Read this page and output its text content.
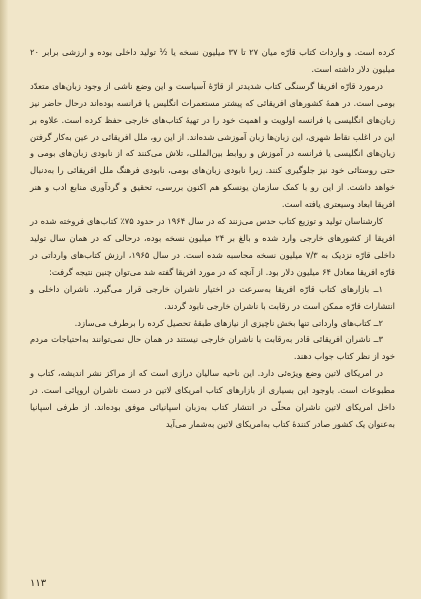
کرده است. و واردات کتاب قارّه میان ۲۷ تا ۳۷ میلیون نسخه یا ½ تولید داخلی بوده و ارزشی برابر ۲۰ میلیون دلار داشته است.

درمورد قارّه افریقا گرسنگی کتاب شدیدتر از قارّهٔ آسیاست و این وضع ناشی از وجود زبان‌های متعدّد بومی است. در همهٔ کشورهای افریقائی که پیشتر مستعمرات انگلیس یا فرانسه بوده‌اند درحال حاضر نیز زبان‌های انگلیسی یا فرانسه اولویت و اهمیت خود را در تهیهٔ کتاب‌های خارجی حفظ کرده است. علاوه بر این در اغلب نقاط شهری، این زبان‌ها زبان آموزشی شده‌اند. از این رو، ملل افریقائی در عین به‌کار گرفتن زبان‌های انگلیسی یا فرانسه در آموزش و روابط بین‌المللی، تلاش می‌کنند که از نابودی زبان‌های بومی و حتی روستائی خود نیز جلوگیری کنند. زیرا نابودی زبان‌های بومی، نابودی فرهنگ ملل افریقائی را به‌دنبال خواهد داشت. از این رو با کمک سازمان یونسکو هم اکنون بررسی، تحقیق و گردآوری منابع ادب و هنر افریقا ابعاد وسیعتری یافته است.

کارشناسان تولید و توزیع کتاب حدس می‌زنند که در سال ۱۹۶۴ در حدود ۷۵٪ کتاب‌های فروخته شده در افریقا از کشورهای خارجی وارد شده و بالغ بر ۲۴ میلیون نسخه بوده، درحالی که در همان سال تولید داخلی قارّه نزدیک به ۷/۳ میلیون نسخه محاسبه شده است. در سال ۱۹۶۵، ارزش کتاب‌های وارداتی در قارّه افریقا معادل ۶۴ میلیون دلار بود. از آنچه که در مورد افریقا گفته شد می‌توان چنین نتیجه گرفت:

۱ــ بازارهای کتاب قارّه افریقا به‌سرعت در اختیار ناشران خارجی قرار می‌گیرد. ناشران داخلی و انتشارات قارّه ممکن است در رقابت با ناشران خارجی نابود گردند.

۲ــ کتاب‌های وارداتی تنها بخش ناچیزی از نیازهای طبقهٔ تحصیل کرده را برطرف می‌سازد.

۳ــ ناشران افریقائی قادر به‌رقابت با ناشران خارجی نیستند در همان حال نمی‌توانند به‌احتیاجات مردم خود از نظر کتاب جواب دهند.

در امریکای لاتین وضع ویژه‌ئی دارد. این ناحیه سالیان درازی است که از مراکز نشر اندیشه، کتاب و مطبوعات است. باوجود این بسیاری از بازارهای کتاب امریکای لاتین در دست ناشران اروپائی است. در داخل امریکای لاتین ناشران محلّی در انتشار کتاب به‌زبان اسپانیائی موفق بوده‌اند. از طرفی اسپانیا به‌عنوان یک کشور صادر کنندهٔ کتاب به‌امریکای لاتین به‌شمار می‌آید

۱۱۳
